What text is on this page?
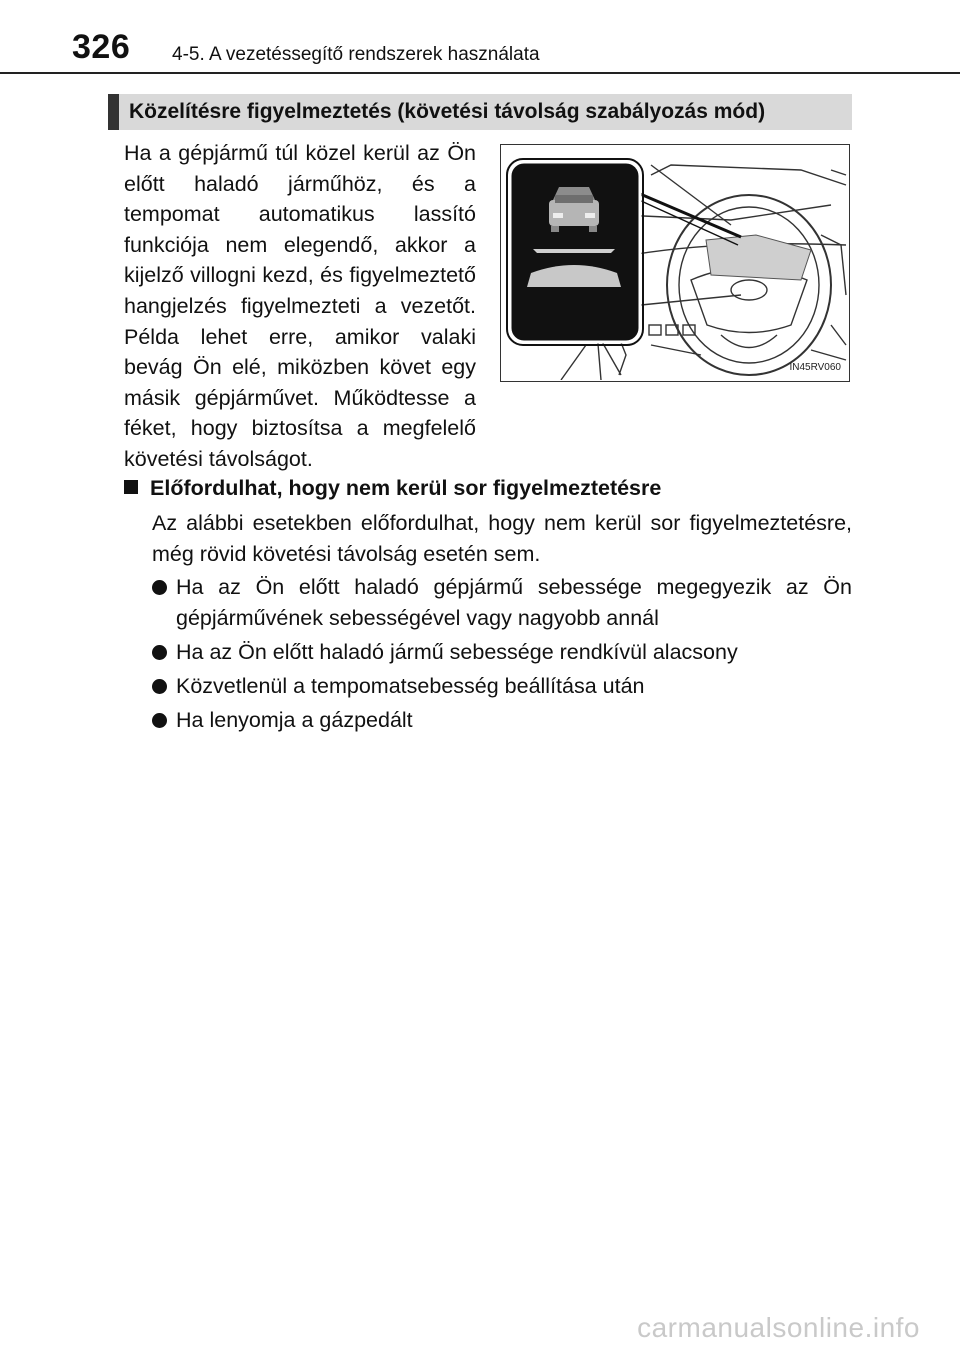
326 4-5. A vezetéssegítő rendszerek használata
Közelítésre figyelmeztetés (követési távolság szabályozás mód)
Ha a gépjármű túl közel kerül az Ön előtt haladó járműhöz, és a tempomat automatikus lassító funkciója nem elegendő, akkor a kijelző villogni kezd, és figyelmeztető hangjelzés figyelmezteti a vezetőt. Példa lehet erre, amikor valaki bevág Ön elé, miközben követ egy másik gépjárművet. Működtesse a féket, hogy biztosítsa a megfelelő követési távolságot.
IN45RV060
Előfordulhat, hogy nem kerül sor figyelmeztetésre
Az alábbi esetekben előfordulhat, hogy nem kerül sor figyelmeztetésre, még rövid követési távolság esetén sem.
Ha az Ön előtt haladó gépjármű sebessége megegyezik az Ön gépjárművének sebességével vagy nagyobb annál
Ha az Ön előtt haladó jármű sebessége rendkívül alacsony
Közvetlenül a tempomatsebesség beállítása után
Ha lenyomja a gázpedált
carmanualsonline.info
